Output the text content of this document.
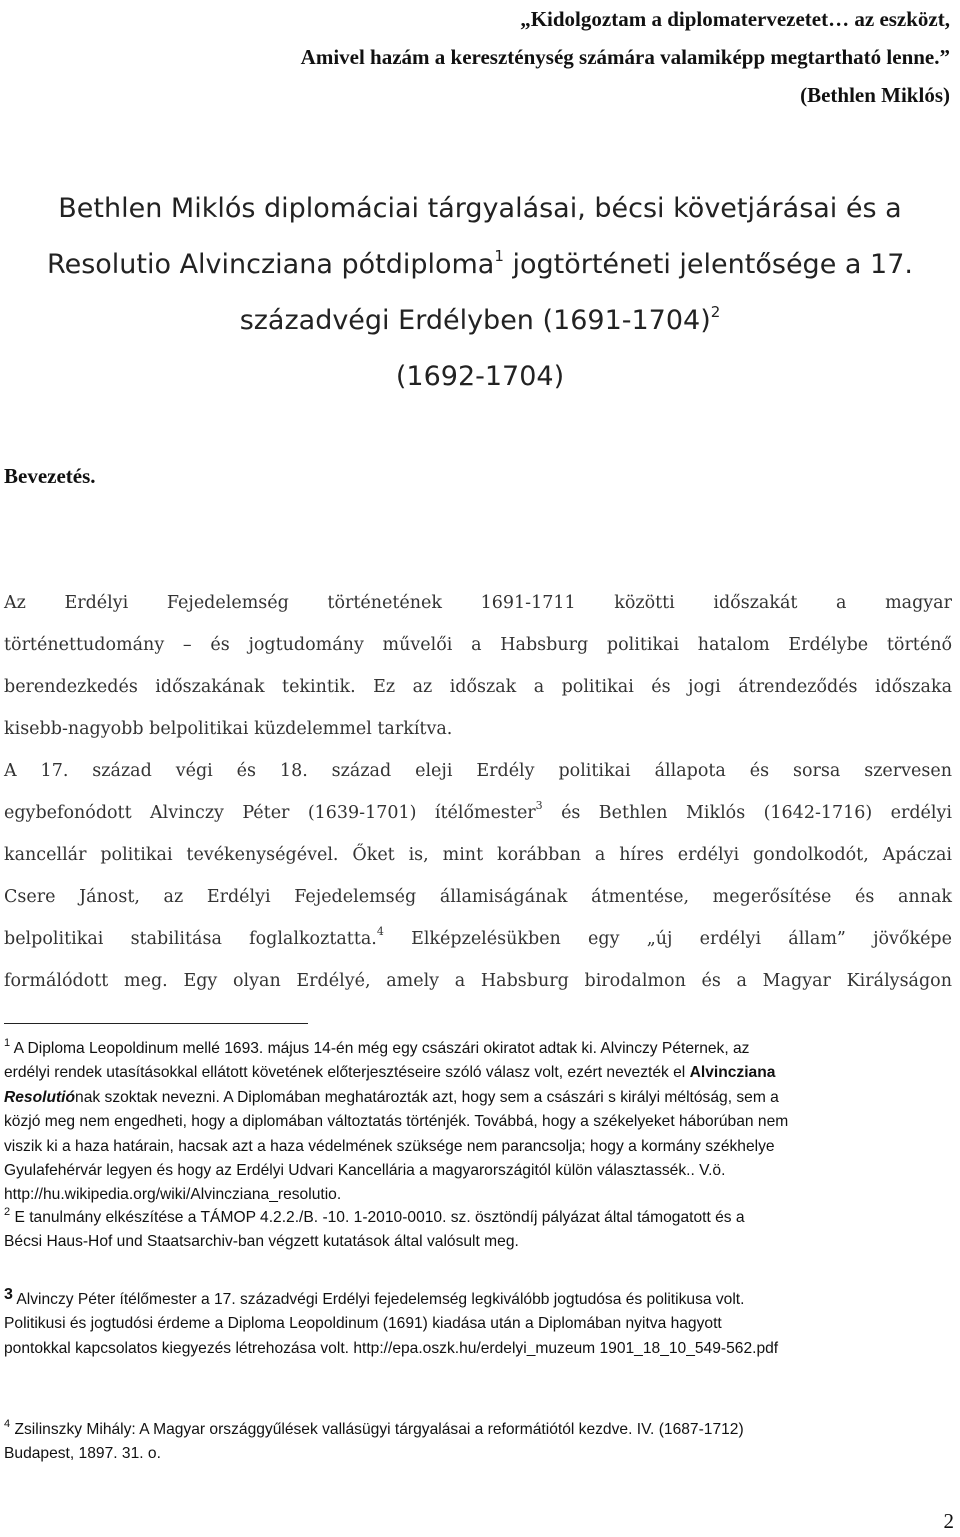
„Kidolgoztam a diplomatervezetet… az eszközt,
Amivel hazám a kereszténység számára valamiképp megtartható lenne.”
(Bethlen Miklós)
Bethlen Miklós diplomáciai tárgyalásai, bécsi követjárásai és a
Resolutio Alvincziana pótdiploma$^1$ jogtörténeti jelentősége a 17.
századvégi Erdélyben (1691-1704)$^2$
(1692-1704)
Bevezetés.
Az Erdélyi Fejedelemség történetének 1691-1711 közötti időszakát a magyar
történettudomány – és jogtudomány művelői a Habsburg politikai hatalom Erdélybe történő
berendezkedés időszakának tekintik. Ez az időszak a politikai és jogi átrendeződés időszaka
kisebb-nagyobb belpolitikai küzdelemmel tarkítva.
A 17. század végi és 18. század eleji Erdély politikai állapota és sorsa szervesen
egybefonódott Alvinczy Péter (1639-1701) ítélőmester$^3$ és Bethlen Miklós (1642-1716) erdélyi
kancellár politikai tevékenységével. Őket is, mint korábban a híres erdélyi gondolkodót, Apáczai
Csere Jánost, az Erdélyi Fejedelemség államiságának átmentése, megerősítése és annak
belpolitikai stabilitása foglalkoztatta.$^4$ Elképzelésükben egy „új erdélyi állam” jövőképe
formálódott meg. Egy olyan Erdélyé, amely a Habsburg birodalmon és a Magyar Királyságon
$^1$ A Diploma Leopoldinum mellé 1693. május 14-én még egy császári okiratot adtak ki. Alvinczy Péternek, az
erdélyi rendek utasításokkal ellátott követének előterjesztéseire szóló válasz volt, ezért nevezték el Alvincziana
Resolutiónak szoktak nevezni. A Diplomában meghatározták azt, hogy sem a császári s királyi méltóság, sem a
közjó meg nem engedheti, hogy a diplomában változtatás történjék. Továbbá, hogy a székelyeket háborúban nem
viszik ki a haza határain, hacsak azt a haza védelmének szüksége nem parancsolja; hogy a kormány székhelye
Gyulafehérvár legyen és hogy az Erdélyi Udvari Kancellária a magyarországitól külön választassék.. V.ö.
http://hu.wikipedia.org/wiki/Alvincziana_resolutio.
$^2$ E tanulmány elkészítése a TÁMOP 4.2.2./B. -10. 1-2010-0010. sz. ösztöndíj pályázat által támogatott és a
Bécsi Haus-Hof und Staatsarchiv-ban végzett kutatások által valósult meg.
$^3$ Alvinczy Péter ítélőmester a 17. századvégi Erdélyi fejedelemség legkiválóbb jogtudósa és politikusa volt.
Politikusi és jogtudósi érdeme a Diploma Leopoldinum (1691) kiadása után a Diplomában nyitva hagyott
pontokkal kapcsolatos kiegyezés létrehozása volt. http://epa.oszk.hu/erdelyi_muzeum 1901_18_10_549-562.pdf
$^4$ Zsilinszky Mihály: A Magyar országgyűlések vallásügyi tárgyalásai a reformátiótól kezdve. IV. (1687-1712)
Budapest, 1897. 31. o.
2
